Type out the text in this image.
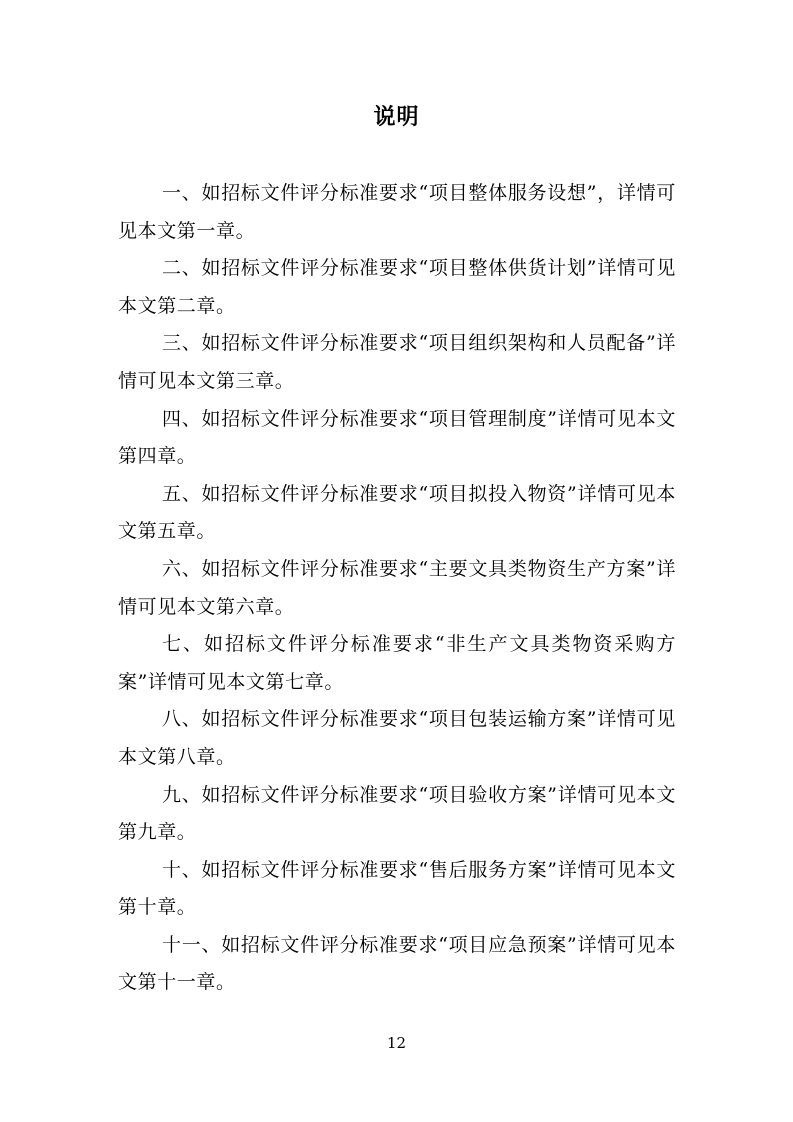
说明

一、如招标文件评分标准要求“项目整体服务设想”，详情可见本文第一章。

二、如招标文件评分标准要求“项目整体供货计划”详情可见本文第二章。

三、如招标文件评分标准要求“项目组织架构和人员配备”详情可见本文第三章。

四、如招标文件评分标准要求“项目管理制度”详情可见本文第四章。

五、如招标文件评分标准要求“项目拟投入物资”详情可见本文第五章。

六、如招标文件评分标准要求“主要文具类物资生产方案”详情可见本文第六章。

七、如招标文件评分标准要求“非生产文具类物资采购方案”详情可见本文第七章。

八、如招标文件评分标准要求“项目包装运输方案”详情可见本文第八章。

九、如招标文件评分标准要求“项目验收方案”详情可见本文第九章。

十、如招标文件评分标准要求“售后服务方案”详情可见本文第十章。

十一、如招标文件评分标准要求“项目应急预案”详情可见本文第十一章。

12
